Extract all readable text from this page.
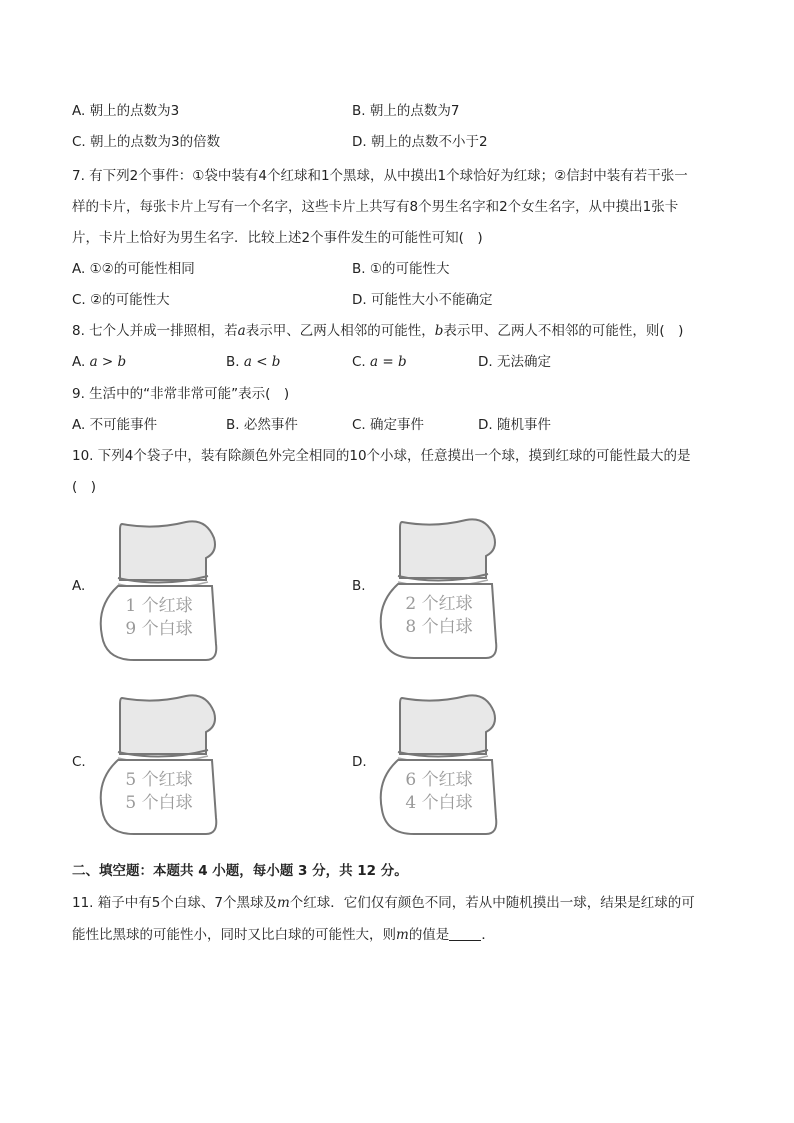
A. 朝上的点数为3	B. 朝上的点数为7
C. 朝上的点数为3的倍数	D. 朝上的点数不小于2
7. 有下列2个事件：①袋中装有4个红球和1个黑球，从中摸出1个球恰好为红球；②信封中装有若干张一
样的卡片，每张卡片上写有一个名字，这些卡片上共写有8个男生名字和2个女生名字，从中摸出1张卡
片，卡片上恰好为男生名字．比较上述2个事件发生的可能性可知(　)
A. ①②的可能性相同	B. ①的可能性大
C. ②的可能性大	D. 可能性大小不能确定
8. 七个人并成一排照相，若a表示甲、乙两人相邻的可能性，b表示甲、乙两人不相邻的可能性，则(　)
A. a > b	B. a < b	C. a = b	D. 无法确定
9. 生活中的“非常非常可能”表示(　)
A. 不可能事件	B. 必然事件	C. 确定事件	D. 随机事件
10. 下列4个袋子中，装有除颜色外完全相同的10个小球，任意摸出一个球，摸到红球的可能性最大的是
(　)
A.
1 个红球
9 个白球
B.
2 个红球
8 个白球
C.
5 个红球
5 个白球
D.
6 个红球
4 个白球
二、填空题：本题共 4 小题，每小题 3 分，共 12 分。
11. 箱子中有5个白球、7个黑球及m个红球．它们仅有颜色不同，若从中随机摸出一球，结果是红球的可
能性比黑球的可能性小，同时又比白球的可能性大，则m的值是 ．
